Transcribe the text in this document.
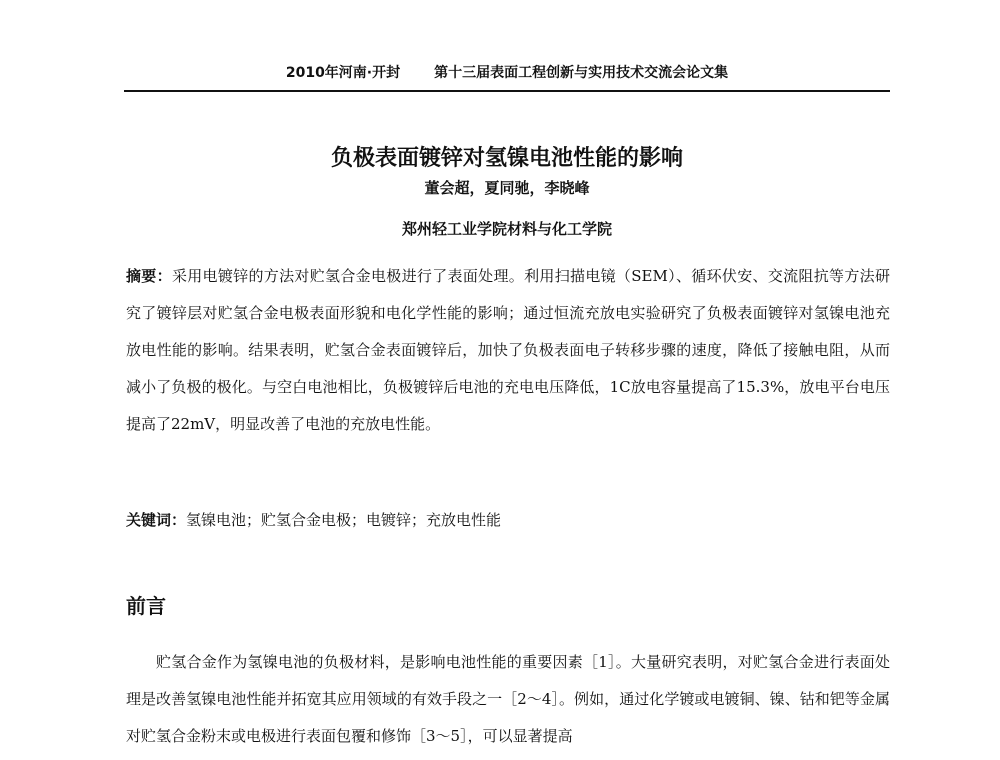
2010年河南·开封 第十三届表面工程创新与实用技术交流会论文集
负极表面镀锌对氢镍电池性能的影响
董会超，夏同驰，李晓峰
郑州轻工业学院材料与化工学院

摘要：采用电镀锌的方法对贮氢合金电极进行了表面处理。利用扫描电镜（SEM）、循环伏安、交流阻抗等方法研究了镀锌层对贮氢合金电极表面形貌和电化学性能的影响；通过恒流充放电实验研究了负极表面镀锌对氢镍电池充放电性能的影响。结果表明，贮氢合金表面镀锌后，加快了负极表面电子转移步骤的速度，降低了接触电阻，从而减小了负极的极化。与空白电池相比，负极镀锌后电池的充电电压降低，1C放电容量提高了15.3%，放电平台电压提高了22mV，明显改善了电池的充放电性能。

关键词：氢镍电池；贮氢合金电极；电镀锌；充放电性能

前言

贮氢合金作为氢镍电池的负极材料，是影响电池性能的重要因素［1］。大量研究表明，对贮氢合金进行表面处理是改善氢镍电池性能并拓宽其应用领域的有效手段之一［2～4］。例如，通过化学镀或电镀铜、镍、钴和钯等金属对贮氢合金粉末或电极进行表面包覆和修饰［3～5］，可以显著提高
